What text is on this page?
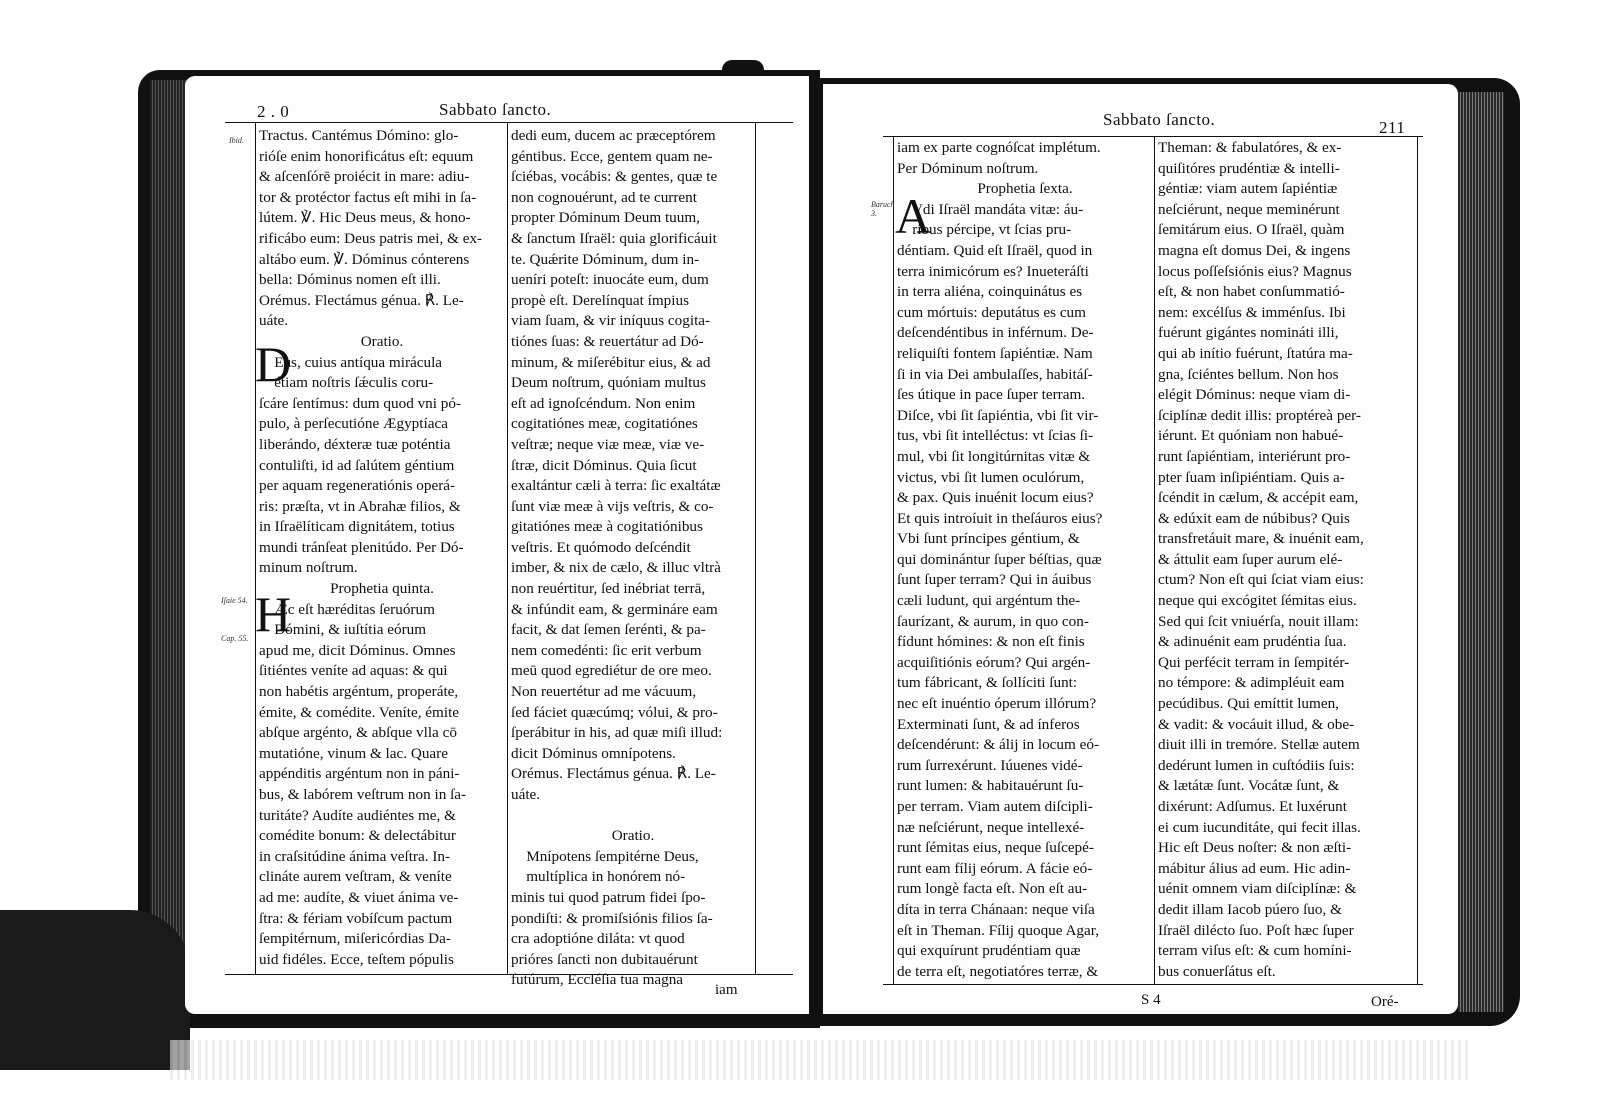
2 . 0	Sabbato ſancto.
Ibid.
Iſaie 54.
Cap. 55.
D
H
Tractus. Cantémus Dómino: glo-
rióſe enim honorificátus eſt: equum
& aſcenſórē proiécit in mare: adiu-
tor & protéctor factus eſt mihi in ſa-
lútem. ℣. Hic Deus meus, & hono-
rificábo eum: Deus patris mei, & ex-
altábo eum. ℣. Dóminus cónterens
bella: Dóminus nomen eſt illi.
Orémus. Flectámus génua. ℟. Le-
uáte.
Oratio.
Eus, cuius antíqua mirácula
étiam noſtris ſǽculis coru-
ſcáre ſentímus: dum quod vni pó-
pulo, à perſecutióne Ægyptíaca
liberándo, déxteræ tuæ poténtia
contuliſti, id ad ſalútem géntium
per aquam regeneratiónis operá-
ris: præſta, vt in Abrahæ filios, &
in Iſraëlíticam dignitátem, totius
mundi tránſeat plenitúdo. Per Dó-
minum noſtrum.
Prophetia quinta.
Æc eſt hæréditas ſeruórum
Dómini, & iuſtítia eórum
apud me, dicit Dóminus. Omnes
ſitiéntes veníte ad aquas: & qui
non habétis argéntum, properáte,
émite, & comédite. Veníte, émite
abſque argénto, & abſque vlla cō
mutatióne, vinum & lac. Quare
appénditis argéntum non in páni-
bus, & labórem veſtrum non in ſa-
turitáte? Audíte audiéntes me, &
comédite bonum: & delectábitur
in craſsitúdine ánima veſtra. In-
clináte aurem veſtram, & veníte
ad me: audíte, & viuet ánima ve-
ſtra: & fériam vobíſcum pactum
ſempitérnum, miſericórdias Da-
uid fidéles. Ecce, teſtem pópulis
dedi eum, ducem ac præceptórem
géntibus. Ecce, gentem quam ne-
ſciébas, vocábis: & gentes, quæ te
non cognouérunt, ad te current
propter Dóminum Deum tuum,
& ſanctum Iſraël: quia glorificáuit
te. Quǽrite Dóminum, dum in-
ueníri poteſt: inuocáte eum, dum
propè eſt. Derelínquat ímpius
viam ſuam, & vir iníquus cogita-
tiónes ſuas: & reuertátur ad Dó-
minum, & miſerébitur eius, & ad
Deum noſtrum, quóniam multus
eſt ad ignoſcéndum. Non enim
cogitatiónes meæ, cogitatiónes
veſtræ; neque viæ meæ, viæ ve-
ſtræ, dicit Dóminus. Quia ſicut
exaltántur cæli à terra: ſic exaltátæ
ſunt viæ meæ à vijs veſtris, & co-
gitatiónes meæ à cogitatiónibus
veſtris. Et quómodo deſcéndit
imber, & nix de cælo, & illuc vltrà
non reuértitur, ſed inébriat terrā,
& infúndit eam, & germináre eam
facit, & dat ſemen ſerénti, & pa-
nem comedénti: ſic erit verbum
meū quod egrediétur de ore meo.
Non reuertétur ad me vácuum,
ſed fáciet quæcúmq; vólui, & pro-
ſperábitur in his, ad quæ miſi illud:
dicit Dóminus omnípotens.
Orémus. Flectámus génua. ℟. Le-
uáte.
Oratio.
Mnípotens ſempitérne Deus,
multíplica in honórem nó-
minis tui quod patrum fidei ſpo-
pondiſti: & promiſsiónis filios ſa-
cra adoptióne diláta: vt quod
prióres ſancti non dubitauérunt
futúrum, Eccléſia tua magna
iam
Sabbato ſancto.	211
Baruch 3. A
iam ex parte cognóſcat implétum.
Per Dóminum noſtrum.
Prophetia ſexta.
Vdi Iſraël mandáta vitæ: áu-
ribus pércipe, vt ſcias pru-
déntiam. Quid eſt Iſraël, quod in
terra inimicórum es? Inueteráſti
in terra aliéna, coinquinátus es
cum mórtuis: deputátus es cum
deſcendéntibus in inférnum. De-
reliquiſti fontem ſapiéntiæ. Nam
ſi in via Dei ambulaſſes, habitáſ-
ſes útique in pace ſuper terram.
Diſce, vbi ſit ſapiéntia, vbi ſit vir-
tus, vbi ſit intelléctus: vt ſcias ſi-
mul, vbi ſit longitúrnitas vitæ &
victus, vbi ſit lumen oculórum,
& pax. Quis inuénit locum eius?
Et quis introíuit in theſáuros eius?
Vbi ſunt príncipes géntium, &
qui dominántur ſuper béſtias, quæ
ſunt ſuper terram? Qui in áuibus
cæli ludunt, qui argéntum the-
ſaurízant, & aurum, in quo con-
fídunt hómines: & non eſt finis
acquiſitiónis eórum? Qui argén-
tum fábricant, & ſollíciti ſunt:
nec eſt inuéntio óperum illórum?
Exterminati ſunt, & ad ínferos
deſcendérunt: & álij in locum eó-
rum ſurrexérunt. Iúuenes vidé-
runt lumen: & habitauérunt ſu-
per terram. Viam autem diſcipli-
næ neſciérunt, neque intellexé-
runt ſémitas eius, neque ſuſcepé-
runt eam fílij eórum. A fácie eó-
rum longè facta eſt. Non eſt au-
díta in terra Chánaan: neque viſa
eſt in Theman. Fílij quoque Agar,
qui exquírunt prudéntiam quæ
de terra eſt, negotiatóres terræ, &
Theman: & fabulatóres, & ex-
quiſitóres prudéntiæ & intelli-
géntiæ: viam autem ſapiéntiæ
neſciérunt, neque meminérunt
ſemitárum eius. O Iſraël, quàm
magna eſt domus Dei, & ingens
locus poſſeſsiónis eius? Magnus
eſt, & non habet conſummatió-
nem: excélſus & imménſus. Ibi
fuérunt gigántes nomináti illi,
qui ab inítio fuérunt, ſtatúra ma-
gna, ſciéntes bellum. Non hos
elégit Dóminus: neque viam di-
ſciplínæ dedit illis: proptéreà per-
iérunt. Et quóniam non habué-
runt ſapiéntiam, interiérunt pro-
pter ſuam inſipiéntiam. Quis a-
ſcéndit in cælum, & accépit eam,
& edúxit eam de núbibus? Quis
transfretáuit mare, & inuénit eam,
& áttulit eam ſuper aurum elé-
ctum? Non eſt qui ſciat viam eius:
neque qui excógitet ſémitas eius.
Sed qui ſcit vniuérſa, nouit illam:
& adinuénit eam prudéntia ſua.
Qui perfécit terram in ſempitér-
no témpore: & adimpléuit eam
pecúdibus. Qui emíttit lumen,
& vadit: & vocáuit illud, & obe-
diuit illi in tremóre. Stellæ autem
dedérunt lumen in cuſtódiis ſuis:
& lætátæ ſunt. Vocátæ ſunt, &
dixérunt: Adſumus. Et luxérunt
ei cum iucunditáte, qui fecit illas.
Hic eſt Deus noſter: & non æſti-
mábitur álius ad eum. Hic adin-
uénit omnem viam diſciplínæ: &
dedit illam Iacob púero ſuo, &
Iſraël dilécto ſuo. Poſt hæc ſuper
terram viſus eſt: & cum homíni-
bus conuerſátus eſt.
S 4	Oré-
